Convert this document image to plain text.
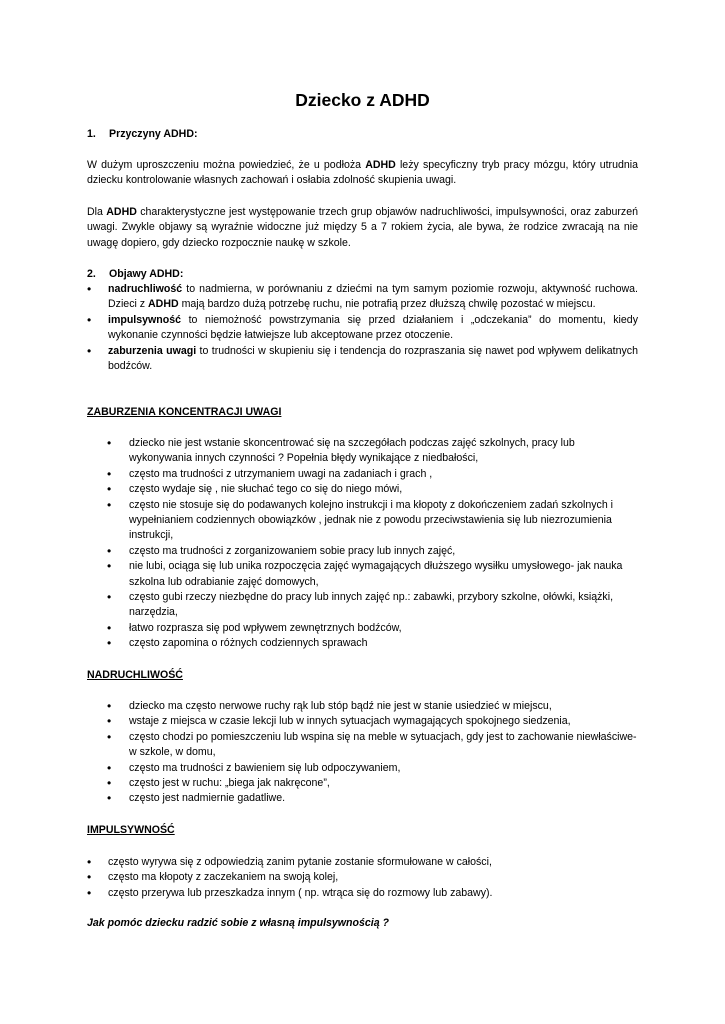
Dziecko z ADHD
1. Przyczyny ADHD:

W dużym uproszczeniu można powiedzieć, że u podłoża ADHD leży specyficzny tryb pracy mózgu, który utrudnia dziecku kontrolowanie własnych zachowań i osłabia zdolność skupienia uwagi.

Dla ADHD charakterystyczne jest występowanie trzech grup objawów nadruchliwości, impulsywności, oraz zaburzeń uwagi. Zwykle objawy są wyraźnie widoczne już między 5 a 7 rokiem życia, ale bywa, że rodzice zwracają na nie uwagę dopiero, gdy dziecko rozpocznie naukę w szkole.

2. Objawy ADHD:
• nadruchliwość to nadmierna, w porównaniu z dziećmi na tym samym poziomie rozwoju, aktywność ruchowa. Dzieci z ADHD mają bardzo dużą potrzebę ruchu, nie potrafią przez dłuższą chwilę pozostać w miejscu.
• impulsywność to niemożność powstrzymania się przed działaniem i „odczekania” do momentu, kiedy wykonanie czynności będzie łatwiejsze lub akceptowane przez otoczenie.
• zaburzenia uwagi to trudności w skupieniu się i tendencja do rozpraszania się nawet pod wpływem delikatnych bodźców.
ZABURZENIA KONCENTRACJI UWAGI
• dziecko nie jest wstanie skoncentrować się na szczegółach podczas zajęć szkolnych, pracy lub wykonywania innych czynności ? Popełnia błędy wynikające z niedbałości,
• często ma trudności z utrzymaniem uwagi na zadaniach i grach ,
• często wydaje się , nie słuchać tego co się do niego mówi,
• często nie stosuje się do podawanych kolejno instrukcji i ma kłopoty z dokończeniem zadań szkolnych i wypełnianiem codziennych obowiązków , jednak nie z powodu przeciwstawienia się lub niezrozumienia instrukcji,
• często ma trudności z zorganizowaniem sobie pracy lub innych zajęć,
• nie lubi, ociąga się lub unika rozpoczęcia zajęć wymagających dłuższego wysiłku umysłowego- jak nauka szkolna lub odrabianie zajęć domowych,
• często gubi rzeczy niezbędne do pracy lub innych zajęć np.: zabawki, przybory szkolne, ołówki, książki, narzędzia,
• łatwo rozprasza się pod wpływem zewnętrznych bodźców,
• często zapomina o różnych codziennych sprawach
NADRUCHLIWOŚĆ
• dziecko ma często nerwowe ruchy rąk lub stóp bądź nie jest w stanie usiedzieć w miejscu,
• wstaje z miejsca w czasie lekcji lub w innych sytuacjach wymagających spokojnego siedzenia,
• często chodzi po pomieszczeniu lub wspina się na meble w sytuacjach, gdy jest to zachowanie niewłaściwe- w szkole, w domu,
• często ma trudności z bawieniem się lub odpoczywaniem,
• często jest w ruchu: „biega jak nakręcone”,
• często jest nadmiernie gadatliwe.
IMPULSYWNOŚĆ
• często wyrywa się z odpowiedzią zanim pytanie zostanie sformułowane w całości,
• często ma kłopoty z zaczekaniem na swoją kolej,
• często przerywa lub przeszkadza innym ( np. wtrąca się do rozmowy lub zabawy).
Jak pomóc dziecku radzić sobie z własną impulsywnością ?
